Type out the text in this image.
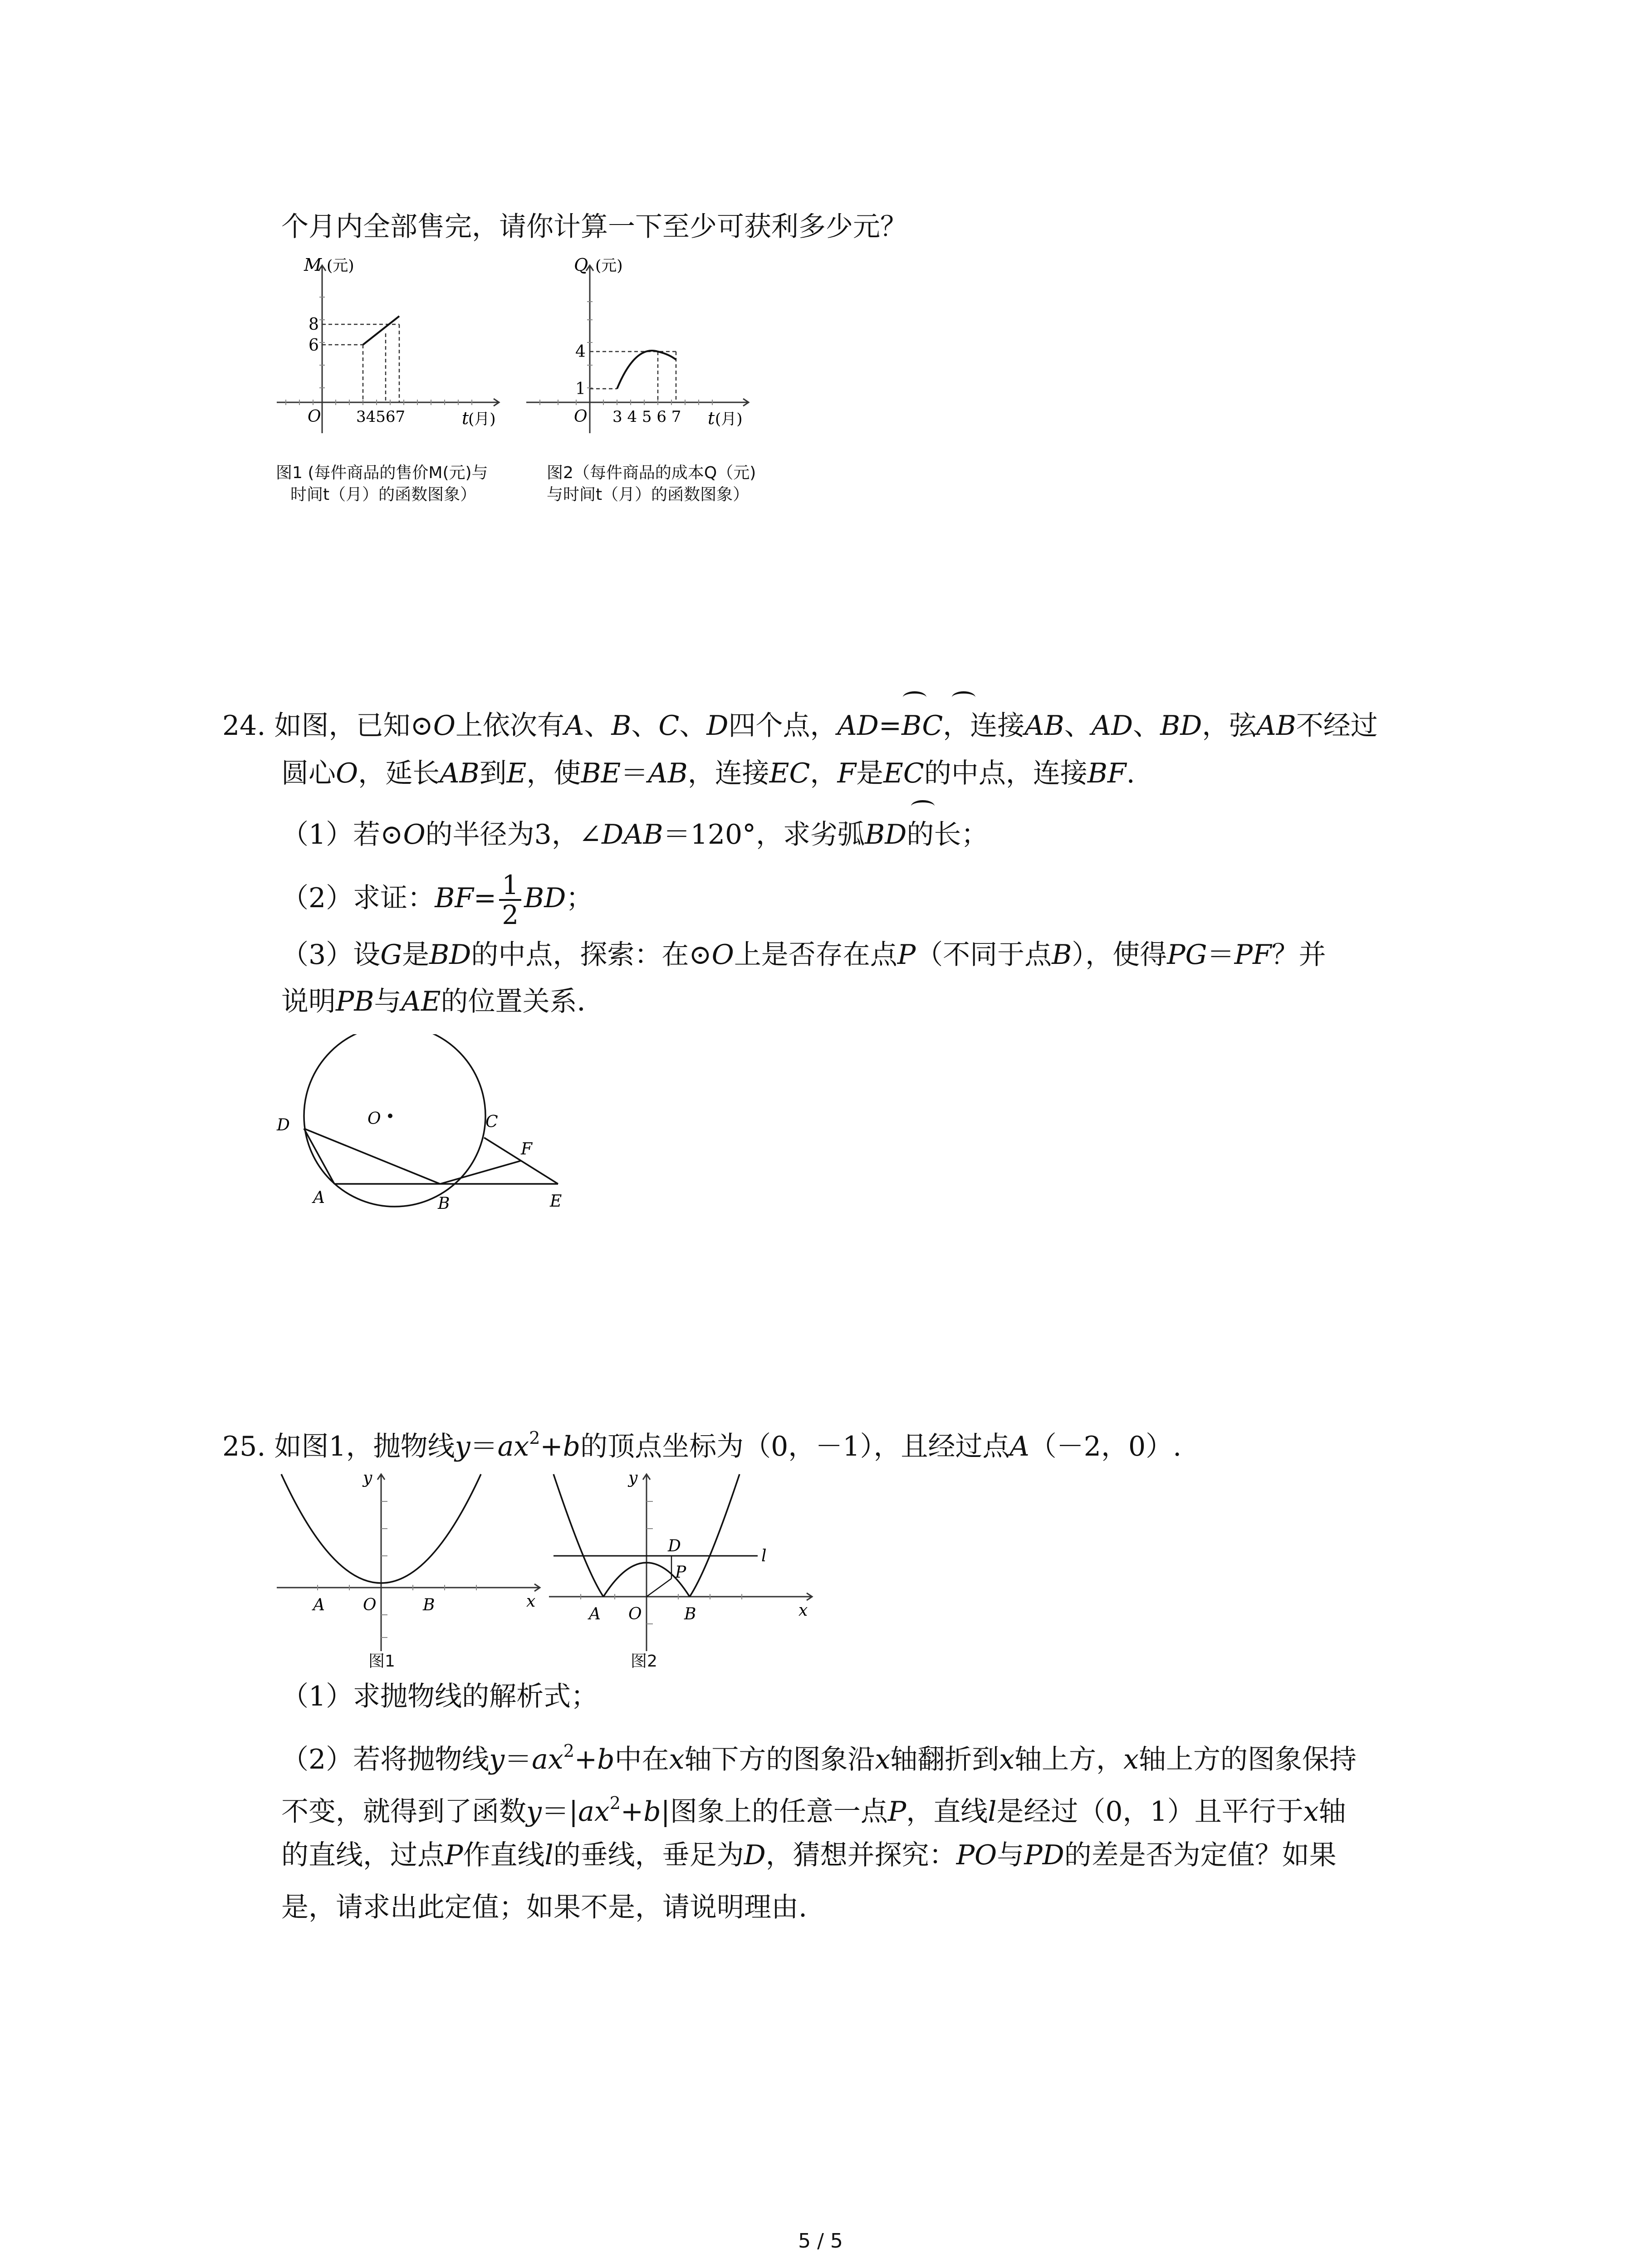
个月内全部售完，请你计算一下至少可获利多少元？
M (元)
8
6
O 34567	t
(月)
图1 (每件商品的售价M(元)与
时间t（月）的函数图象）
Q (元)
4
1
O 3 4 5 6 7 t (月)
图2（每件商品的成本Q（元)
与时间t（月）的函数图象）
24. 如图，已知⊙O上依次有A、B、C、D四个点，AD=BC，连接AB、AD、BD，弦AB不经过
圆心O，延长AB到E，使BE＝AB，连接EC，F是EC的中点，连接BF.
（1）若⊙O的半径为3，∠DAB＝120°，求劣弧BD的长；
（2）求证：$BF= \frac{1}{2}$ BD；
（3）设G是BD的中点，探索：在⊙O上是否存在点P（不同于点B），使得PG＝PF？并
说明PB与AE的位置关系．
O
D	C
F
A	B	E
25. 如图1，抛物线$y=ax^2+b$的顶点坐标为（0，－1），且经过点A（－2，0）.
y
x
A O	B
图1
y
x
A O	B
D
P
l
图2
（1）求抛物线的解析式；
（2）若将抛物线$y=ax^2+b$中在x轴下方的图象沿x轴翻折到x轴上方，x轴上方的图象保持
不变，就得到了函数$y=|ax^2+b|$图象上的任意一点P，直线l是经过（0，1）且平行于x轴
的直线，过点P作直线l的垂线，垂足为D，猜想并探究：PO与PD的差是否为定值？如果
是，请求出此定值；如果不是，请说明理由.
5 / 5
